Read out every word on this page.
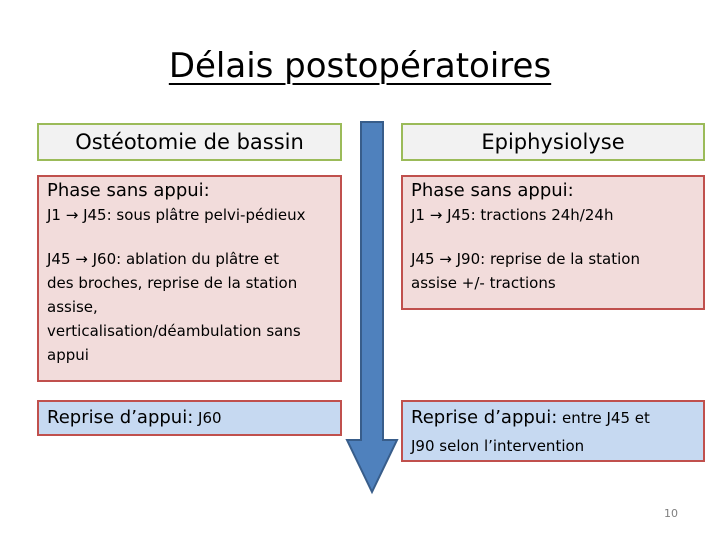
Délais postopératoires
Ostéotomie de bassin
Phase sans appui:
J1 → J45: sous plâtre pelvi-pédieux
J45 → J60: ablation du plâtre et
des broches, reprise de la station
assise,
verticalisation/déambulation sans
appui
Reprise d’appui: J60
Epiphysiolyse
Phase sans appui:
J1 → J45: tractions 24h/24h
J45 → J90: reprise de la station
assise +/- tractions
Reprise d’appui: entre J45 et
J90 selon l’intervention
10
